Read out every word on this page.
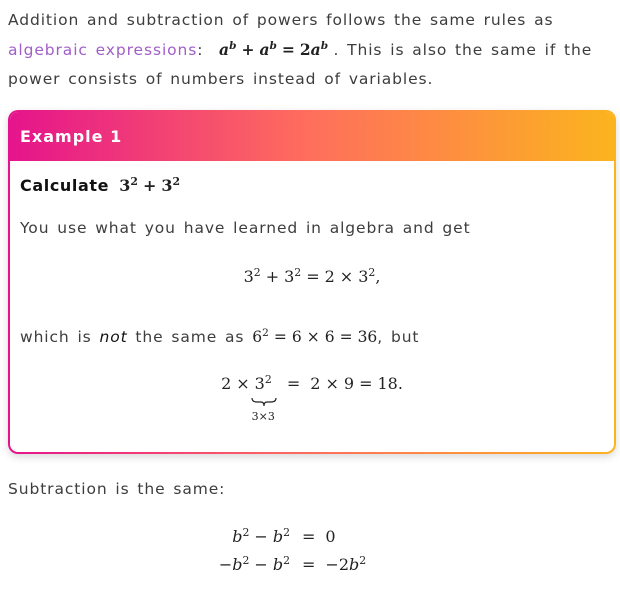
Addition and subtraction of powers follows the same rules as algebraic expressions: $a^b + a^b = 2a^b$ . This is also the same if the power consists of numbers instead of variables.
Example 1
Calculate $3^2 + 3^2$
You use what you have learned in algebra and get
$3^2 + 3^2 = 2 \times 3^2$,
which is not the same as $6^2 = 6 \times 6 = 36$, but
$2 \times 3^2$
3×3
= 2 × 9 = 18.
Subtraction is the same:
$b^2 - b^2 = 0$
$-b^2 - b^2 = -2b^2$
